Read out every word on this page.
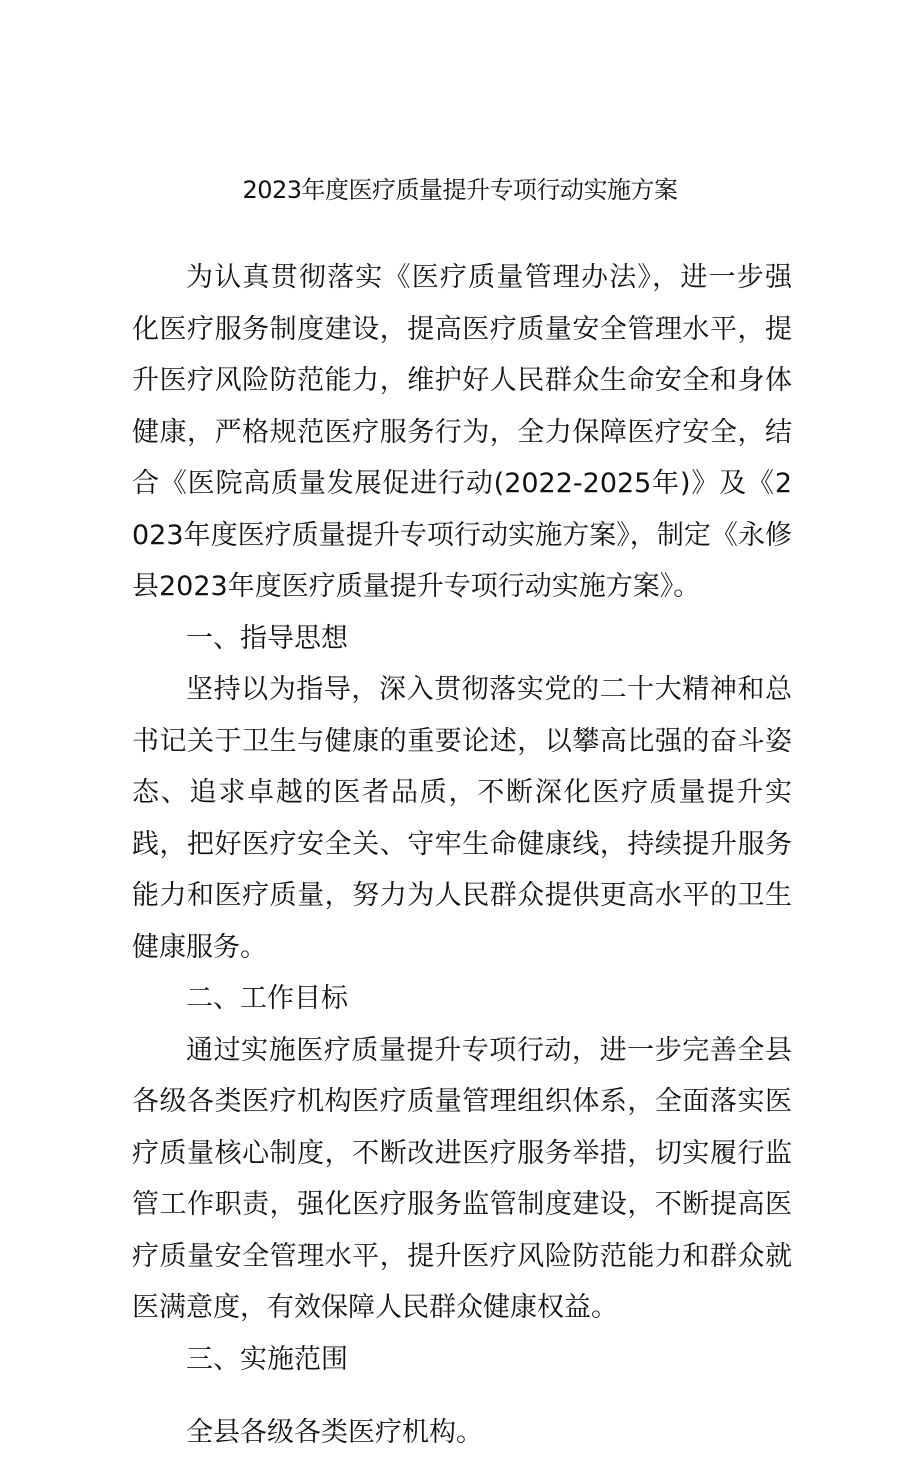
2023年度医疗质量提升专项行动实施方案

为认真贯彻落实《医疗质量管理办法》，进一步强化医疗服务制度建设，提高医疗质量安全管理水平，提升医疗风险防范能力，维护好人民群众生命安全和身体健康，严格规范医疗服务行为，全力保障医疗安全，结合《医院高质量发展促进行动(2022-2025年)》及《2023年度医疗质量提升专项行动实施方案》，制定《永修县2023年度医疗质量提升专项行动实施方案》。

一、指导思想

坚持以为指导，深入贯彻落实党的二十大精神和总书记关于卫生与健康的重要论述，以攀高比强的奋斗姿态、追求卓越的医者品质，不断深化医疗质量提升实践，把好医疗安全关、守牢生命健康线，持续提升服务能力和医疗质量，努力为人民群众提供更高水平的卫生健康服务。

二、工作目标

通过实施医疗质量提升专项行动，进一步完善全县各级各类医疗机构医疗质量管理组织体系，全面落实医疗质量核心制度，不断改进医疗服务举措，切实履行监管工作职责，强化医疗服务监管制度建设，不断提高医疗质量安全管理水平，提升医疗风险防范能力和群众就医满意度，有效保障人民群众健康权益。

三、实施范围

全县各级各类医疗机构。
